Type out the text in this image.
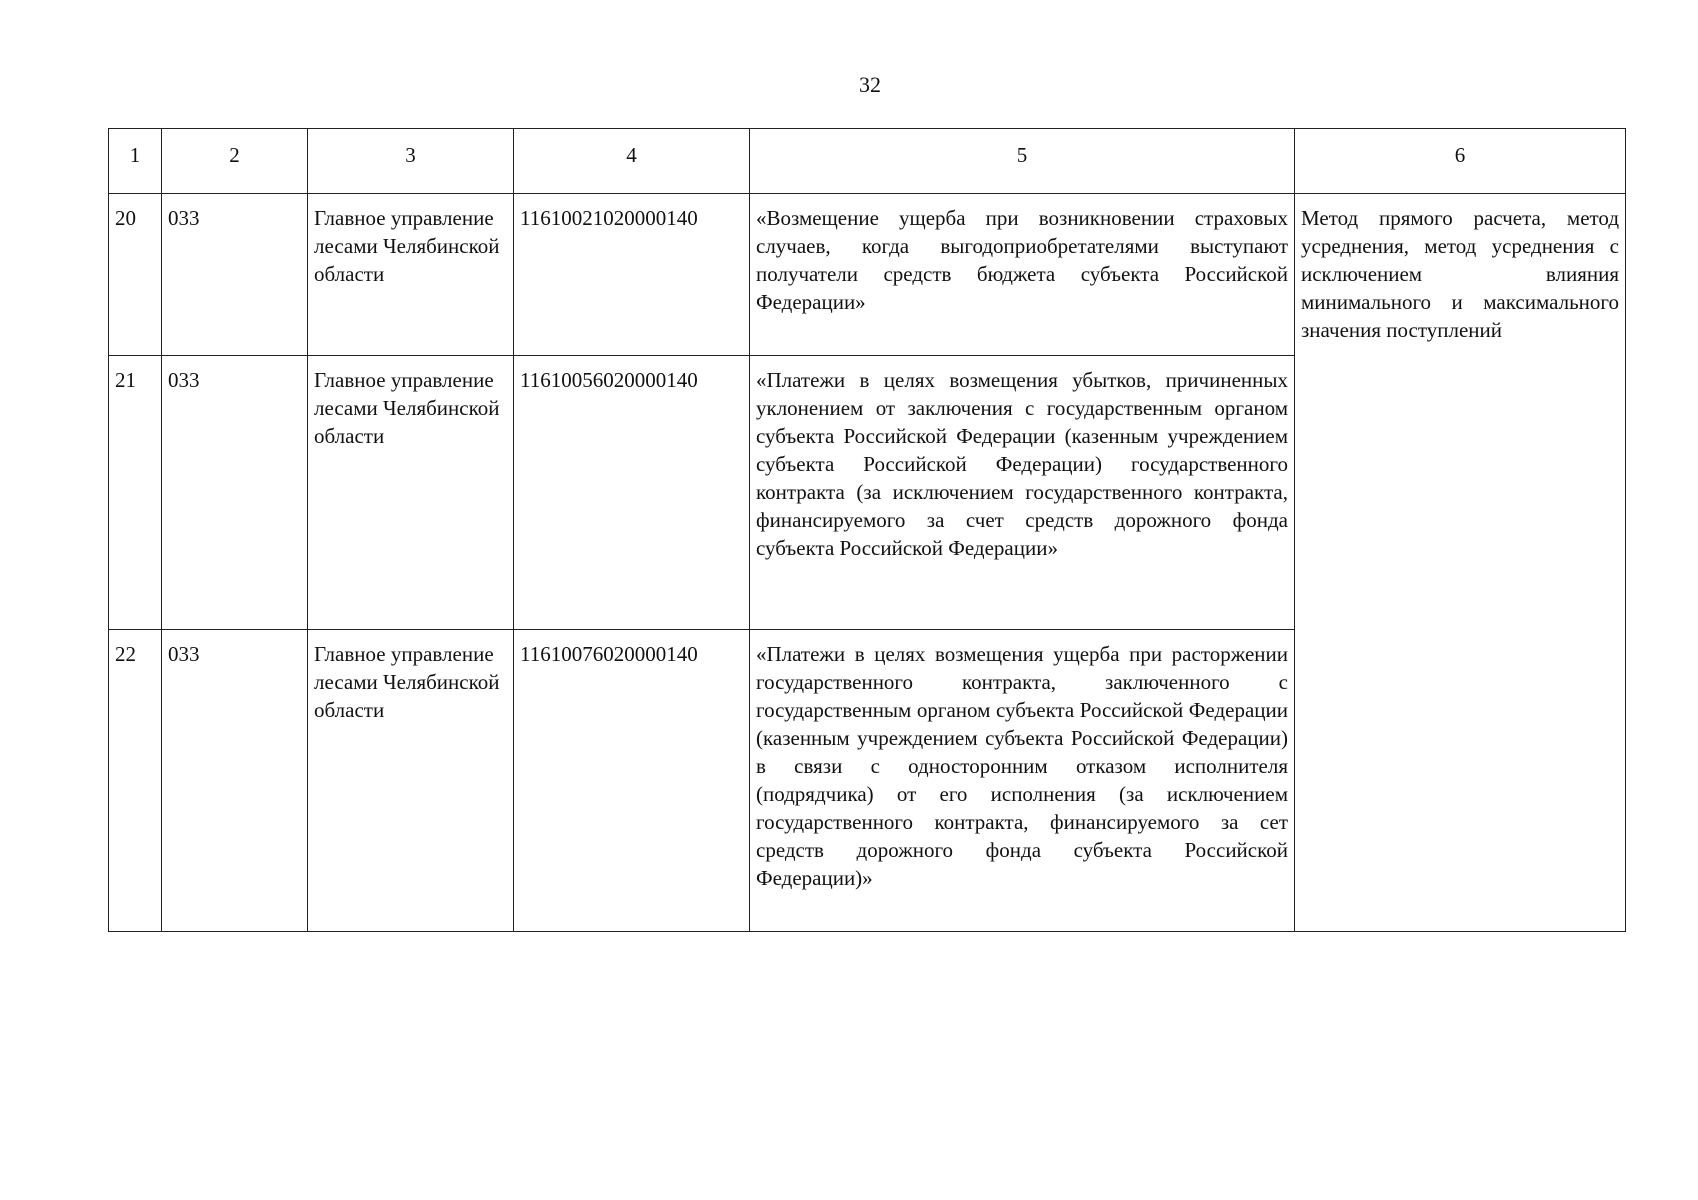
32
1	2	3	4	5	6
20	033	Главное управление лесами Челябинской области	11610021020000140	«Возмещение ущерба при возникновении страховых случаев, когда выгодоприобретателями выступают получатели средств бюджета субъекта Российской Федерации»	Метод прямого расчета, метод усреднения, метод усреднения с исключением влияния минимального и максимального значения поступлений
21	033	Главное управление лесами Челябинской области	11610056020000140	«Платежи в целях возмещения убытков, причиненных уклонением от заключения с государственным органом субъекта Российской Федерации (казенным учреждением субъекта Российской Федерации) государственного контракта (за исключением государственного контракта, финансируемого за счет средств дорожного фонда субъекта Российской Федерации»	
22	033	Главное управление лесами Челябинской области	11610076020000140	«Платежи в целях возмещения ущерба при расторжении государственного контракта, заключенного с государственным органом субъекта Российской Федерации (казенным учреждением субъекта Российской Федерации) в связи с односторонним отказом исполнителя (подрядчика) от его исполнения (за исключением государственного контракта, финансируемого за сет средств дорожного фонда субъекта Российской Федерации)»	
